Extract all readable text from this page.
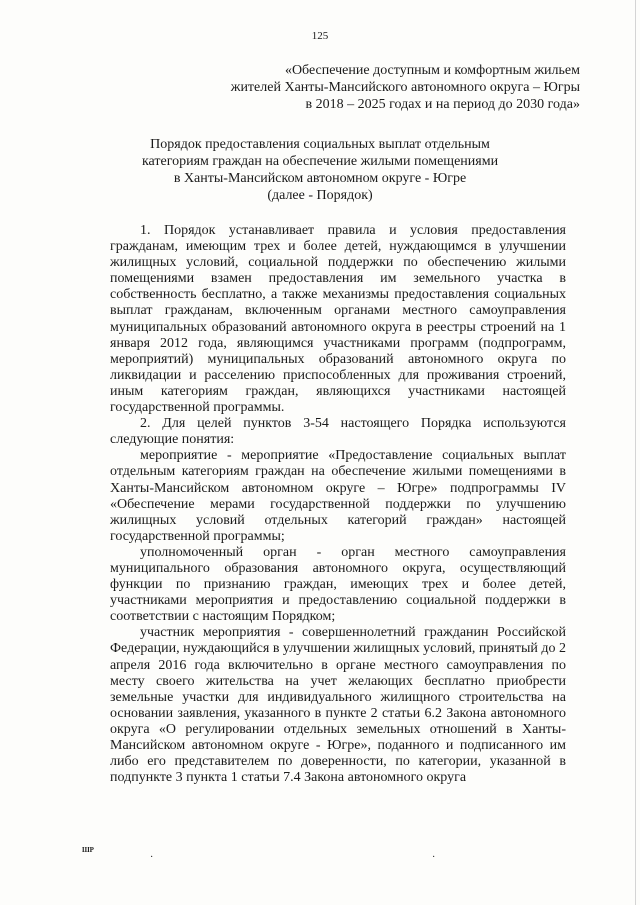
125
«Обеспечение доступным и комфортным жильем
жителей Ханты-Мансийского автономного округа – Югры
в 2018 – 2025 годах и на период до 2030 года»
Порядок предоставления социальных выплат отдельным
категориям граждан на обеспечение жилыми помещениями
в Ханты-Мансийском автономном округе - Югре
(далее - Порядок)

1. Порядок устанавливает правила и условия предоставления гражданам, имеющим трех и более детей, нуждающимся в улучшении жилищных условий, социальной поддержки по обеспечению жилыми помещениями взамен предоставления им земельного участка в собственность бесплатно, а также механизмы предоставления социальных выплат гражданам, включенным органами местного самоуправления муниципальных образований автономного округа в реестры строений на 1 января 2012 года, являющимся участниками программ (подпрограмм, мероприятий) муниципальных образований автономного округа по ликвидации и расселению приспособленных для проживания строений, иным категориям граждан, являющихся участниками настоящей государственной программы.

2. Для целей пунктов 3-54 настоящего Порядка используются следующие понятия:

мероприятие - мероприятие «Предоставление социальных выплат отдельным категориям граждан на обеспечение жилыми помещениями в Ханты-Мансийском автономном округе – Югре» подпрограммы IV «Обеспечение мерами государственной поддержки по улучшению жилищных условий отдельных категорий граждан» настоящей государственной программы;

уполномоченный орган - орган местного самоуправления муниципального образования автономного округа, осуществляющий функции по признанию граждан, имеющих трех и более детей, участниками мероприятия и предоставлению социальной поддержки в соответствии с настоящим Порядком;

участник мероприятия - совершеннолетний гражданин Российской Федерации, нуждающийся в улучшении жилищных условий, принятый до 2 апреля 2016 года включительно в органе местного самоуправления по месту своего жительства на учет желающих бесплатно приобрести земельные участки для индивидуального жилищного строительства на основании заявления, указанного в пункте 2 статьи 6.2 Закона автономного округа «О регулировании отдельных земельных отношений в Ханты-Мансийском автономном округе - Югре», поданного и подписанного им либо его представителем по доверенности, по категории, указанной в подпункте 3 пункта 1 статьи 7.4 Закона автономного округа

ШР
·	·
